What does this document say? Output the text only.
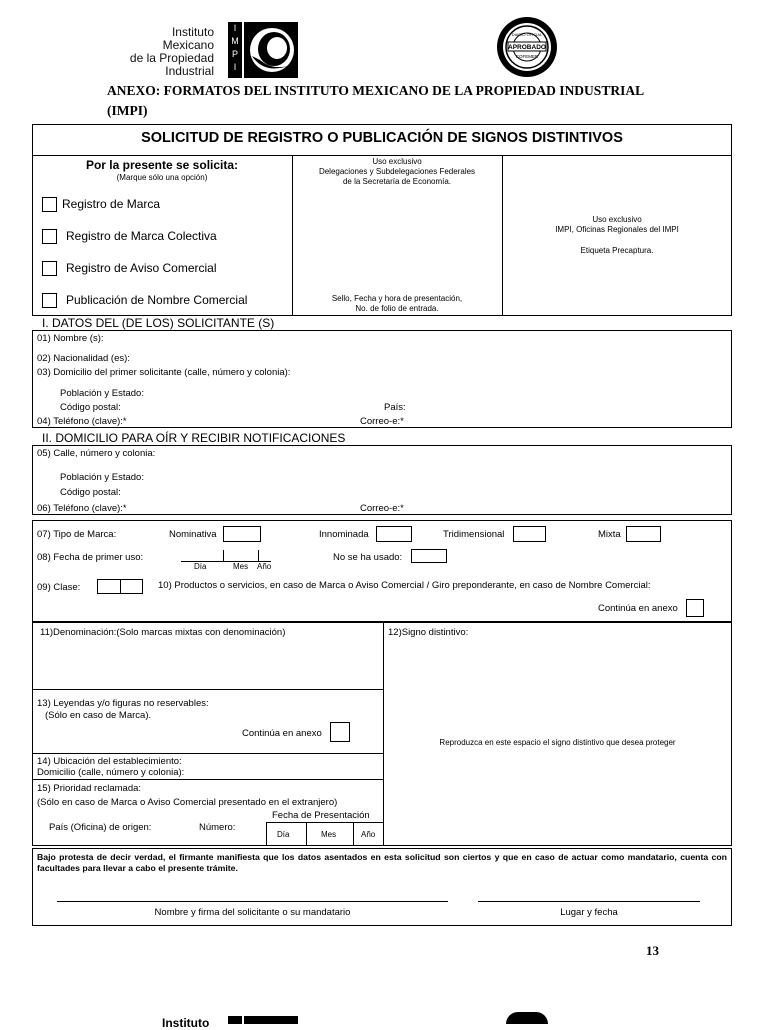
Instituto
Mexicano
de la Propiedad
Industrial
I
M
P
I
APROBADO
COFEMER
DIARIO OFICIAL
ANEXO: FORMATOS DEL INSTITUTO MEXICANO DE LA PROPIEDAD INDUSTRIAL
(IMPI)
SOLICITUD DE REGISTRO O PUBLICACIÓN DE SIGNOS DISTINTIVOS
Por la presente se solicita:
(Marque sólo una opción)
Registro de Marca
Registro de Marca Colectiva
Registro de Aviso Comercial
Publicación de Nombre Comercial
Uso exclusivo
Delegaciones y Subdelegaciones Federales
de la Secretaría de Economía.
Sello, Fecha y hora de presentación,
No. de folio de entrada.
Uso exclusivo
IMPI, Oficinas Regionales del IMPI
Etiqueta Precaptura.
I. DATOS DEL (DE LOS) SOLICITANTE (S)
01) Nombre (s):
02) Nacionalidad (es):
03) Domicilio del primer solicitante (calle, número y colonia):
Población y Estado:
Código postal:	País:
04) Teléfono (clave):*	Correo-e:*
II. DOMICILIO PARA OÍR Y RECIBIR NOTIFICACIONES
05) Calle, número y colonia:
Población y Estado:
Código postal:
06) Teléfono (clave):*	Correo-e:*
07) Tipo de Marca:	Nominativa	Innominada	Tridimensional	Mixta
08) Fecha de primer uso:
Día	Mes Año
No se ha usado:
09) Clase:	10) Productos o servicios, en caso de Marca o Aviso Comercial / Giro preponderante, en caso de Nombre Comercial:
Continúa en anexo
11)Denominación:(Solo marcas mixtas con denominación)	12)Signo distintivo:
Reproduzca en este espacio el signo distintivo que desea proteger
13) Leyendas y/o figuras no reservables:
(Sólo en caso de Marca).
Continúa en anexo
14) Ubicación del establecimiento:
Domicilio (calle, número y colonia):
15) Prioridad reclamada:
(Sólo en caso de Marca o Aviso Comercial presentado en el extranjero)
Fecha de Presentación
País (Oficina) de origen:	Número:
Día	Mes	Año
Bajo protesta de decir verdad, el firmante manifiesta que los datos asentados en esta solicitud son ciertos y que en caso de actuar como mandatario, cuenta con facultades para llevar a cabo el presente trámite.
Nombre y firma del solicitante o su mandatario	Lugar y fecha
13
Instituto
